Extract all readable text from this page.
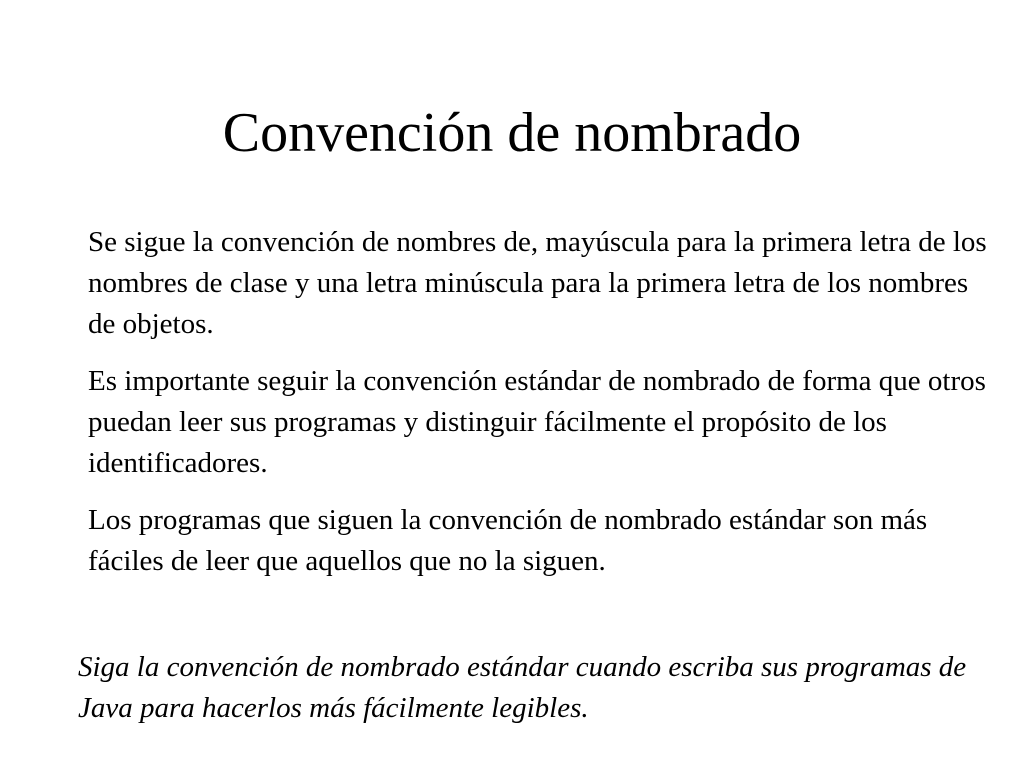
Convención de nombrado

Se sigue la convención de nombres de, mayúscula para la primera letra de los nombres de clase y una letra minúscula para la primera letra de los nombres de objetos.

Es importante seguir la convención estándar de nombrado de forma que otros puedan leer sus programas y distinguir fácilmente el propósito de los identificadores.

Los programas que siguen la convención de nombrado estándar son más fáciles de leer que aquellos que no la siguen.

Siga la convención de nombrado estándar cuando escriba sus programas de Java para hacerlos más fácilmente legibles.
